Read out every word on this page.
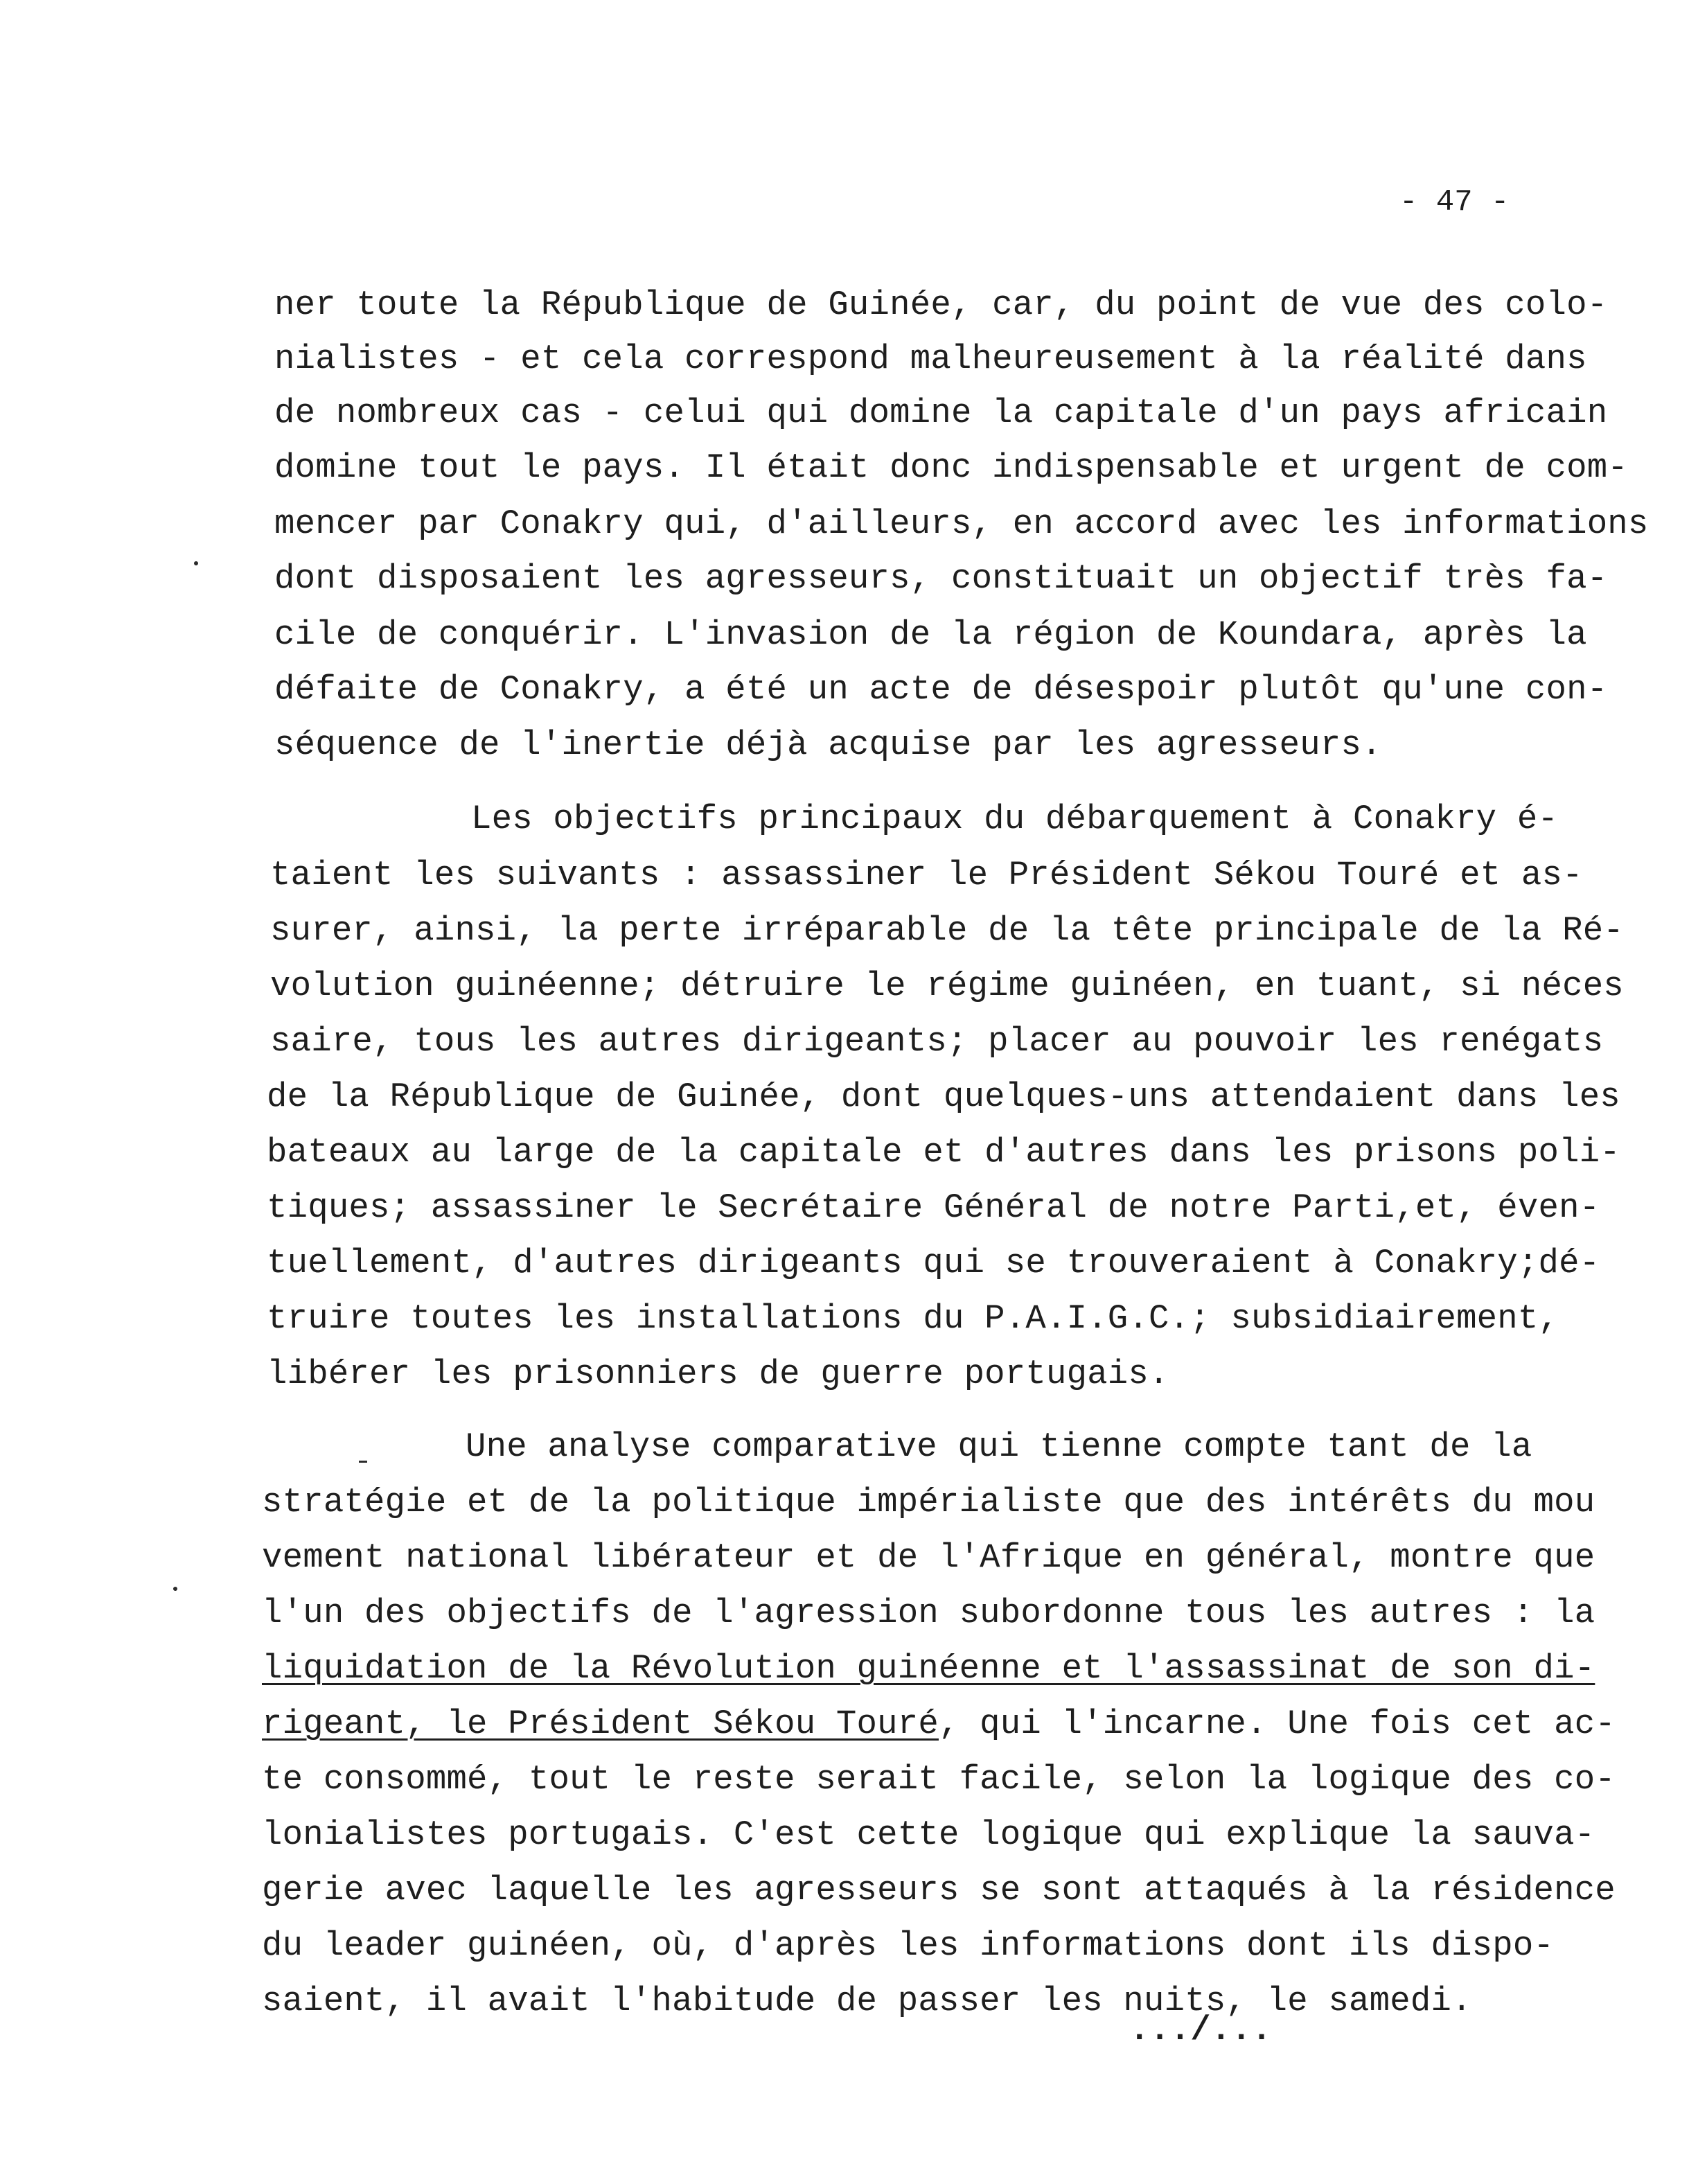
- 47 -
ner toute la République de Guinée, car, du point de vue des colo-
nialistes - et cela correspond malheureusement à la réalité dans
de nombreux cas - celui qui domine la capitale d'un pays africain
domine tout le pays. Il était donc indispensable et urgent de com-
mencer par Conakry qui, d'ailleurs, en accord avec les informations
dont disposaient les agresseurs, constituait un objectif très fa-
cile de conquérir. L'invasion de la région de Koundara, après la
défaite de Conakry, a été un acte de désespoir plutôt qu'une con-
séquence de l'inertie déjà acquise par les agresseurs.
Les objectifs principaux du débarquement à Conakry é-
taient les suivants : assassiner le Président Sékou Touré et as-
surer, ainsi, la perte irréparable de la tête principale de la Ré-
volution guinéenne; détruire le régime guinéen, en tuant, si néces
saire, tous les autres dirigeants; placer au pouvoir les renégats
de la République de Guinée, dont quelques-uns attendaient dans les
bateaux au large de la capitale et d'autres dans les prisons poli-
tiques; assassiner le Secrétaire Général de notre Parti,et, éven-
tuellement, d'autres dirigeants qui se trouveraient à Conakry;dé-
truire toutes les installations du P.A.I.G.C.; subsidiairement,
libérer les prisonniers de guerre portugais.
Une analyse comparative qui tienne compte tant de la
stratégie et de la politique impérialiste que des intérêts du mou
vement national libérateur et de l'Afrique en général, montre que
l'un des objectifs de l'agression subordonne tous les autres : la
liquidation de la Révolution guinéenne et l'assassinat de son di-
rigeant, le Président Sékou Touré, qui l'incarne. Une fois cet ac-
te consommé, tout le reste serait facile, selon la logique des co-
lonialistes portugais. C'est cette logique qui explique la sauva-
gerie avec laquelle les agresseurs se sont attaqués à la résidence
du leader guinéen, où, d'après les informations dont ils dispo-
saient, il avait l'habitude de passer les nuits, le samedi.
.../...
